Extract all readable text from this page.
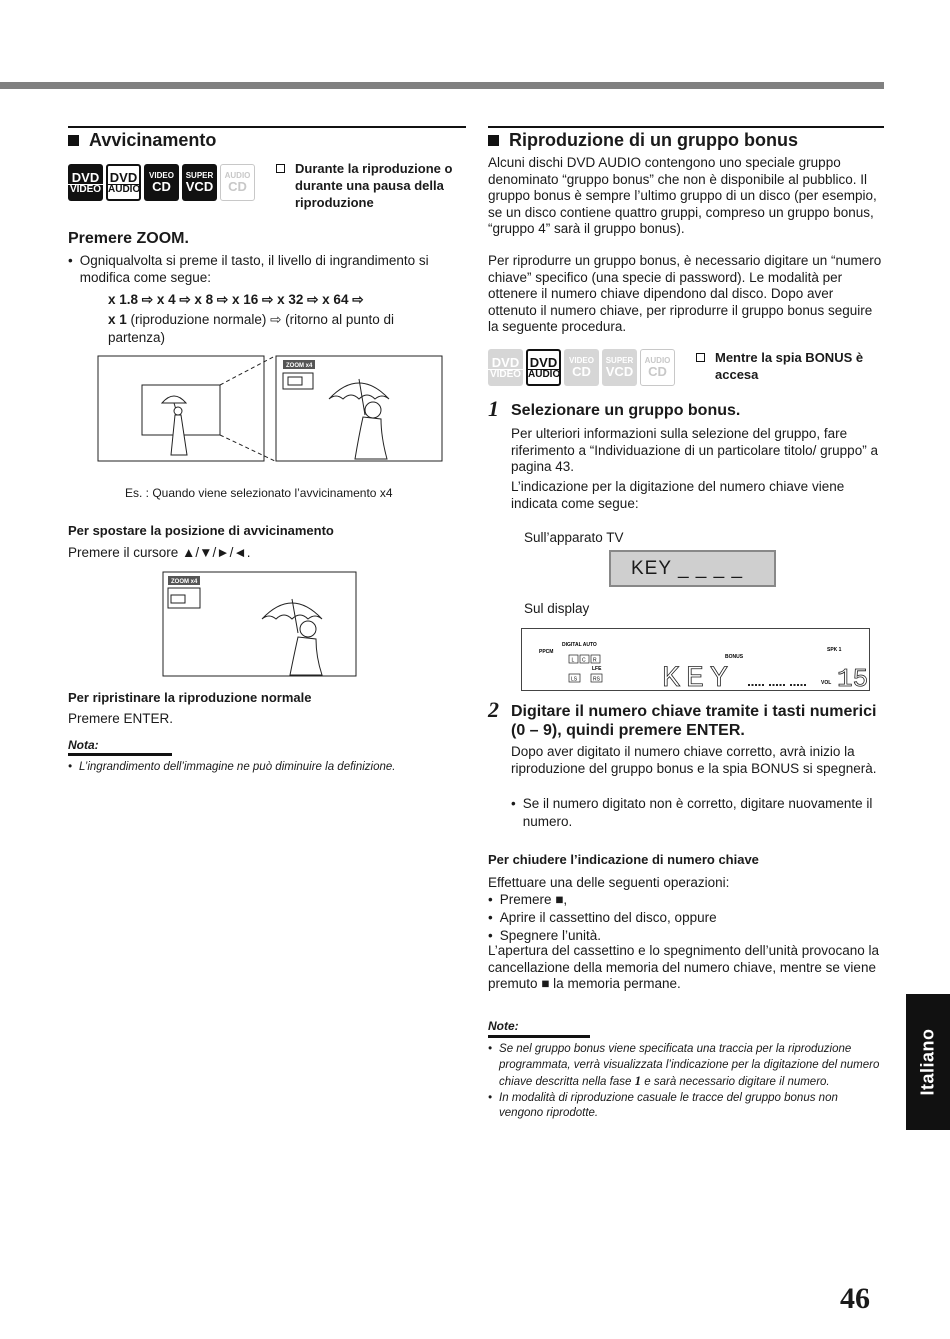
Avvicinamento
DVD
VIDEO
DVD
AUDIO
VIDEO
CD
SUPER
VCD
AUDIO
CD
Durante la riproduzione o durante una pausa della riproduzione
Premere ZOOM.
• Ogniqualvolta si preme il tasto, il livello di ingrandimento si modifica come segue:
x 1.8 ⇨ x 4 ⇨ x 8 ⇨ x 16 ⇨ x 32 ⇨ x 64 ⇨
x 1 (riproduzione normale) ⇨ (ritorno al punto di partenza)
ZOOM x4
Es. : Quando viene selezionato l’avvicinamento x4
Per spostare la posizione di avvicinamento
Premere il cursore ▲/▼/►/◄.
ZOOM x4
Per ripristinare la riproduzione normale
Premere ENTER.
Nota:
• L’ingrandimento dell’immagine ne può diminuire la definizione.
Riproduzione di un gruppo bonus
Alcuni dischi DVD AUDIO contengono uno speciale gruppo denominato “gruppo bonus” che non è disponibile al pubblico. Il gruppo bonus è sempre l’ultimo gruppo di un disco (per esempio, se un disco contiene quattro gruppi, compreso un gruppo bonus, “gruppo 4” sarà il gruppo bonus).
Per riprodurre un gruppo bonus, è necessario digitare un “numero chiave” specifico (una specie di password). Le modalità per ottenere il numero chiave dipendono dal disco. Dopo aver ottenuto il numero chiave, per riprodurre il gruppo bonus seguire la seguente procedura.
DVD
VIDEO
DVD
AUDIO
VIDEO
CD
SUPER
VCD
AUDIO
CD
Mentre la spia BONUS è accesa
1 Selezionare un gruppo bonus.
Per ulteriori informazioni sulla selezione del gruppo, fare riferimento a “Individuazione di un particolare titolo/ gruppo” a pagina 43.
L’indicazione per la digitazione del numero chiave viene indicata come segue:
Sull’apparato TV
KEY _ _ _ _
Sul display
PPCM
DIGITAL AUTO
BONUS
SPK 1
L C R
LFE
LS	RS KEY	VOL 15
2 Digitare il numero chiave tramite i tasti numerici (0 – 9), quindi premere ENTER.
Dopo aver digitato il numero chiave corretto, avrà inizio la riproduzione del gruppo bonus e la spia BONUS si spegnerà.
• Se il numero digitato non è corretto, digitare nuovamente il numero.
Per chiudere l’indicazione di numero chiave
Effettuare una delle seguenti operazioni:
• Premere ■,
• Aprire il cassettino del disco, oppure
• Spegnere l’unità.
L’apertura del cassettino e lo spegnimento dell’unità provocano la cancellazione della memoria del numero chiave, mentre se viene premuto ■ la memoria permane.
Note:
• Se nel gruppo bonus viene specificata una traccia per la riproduzione programmata, verrà visualizzata l’indicazione per la digitazione del numero chiave descritta nella fase 1 e sarà necessario digitare il numero.
• In modalità di riproduzione casuale le tracce del gruppo bonus non vengono riprodotte.
Italiano
46
